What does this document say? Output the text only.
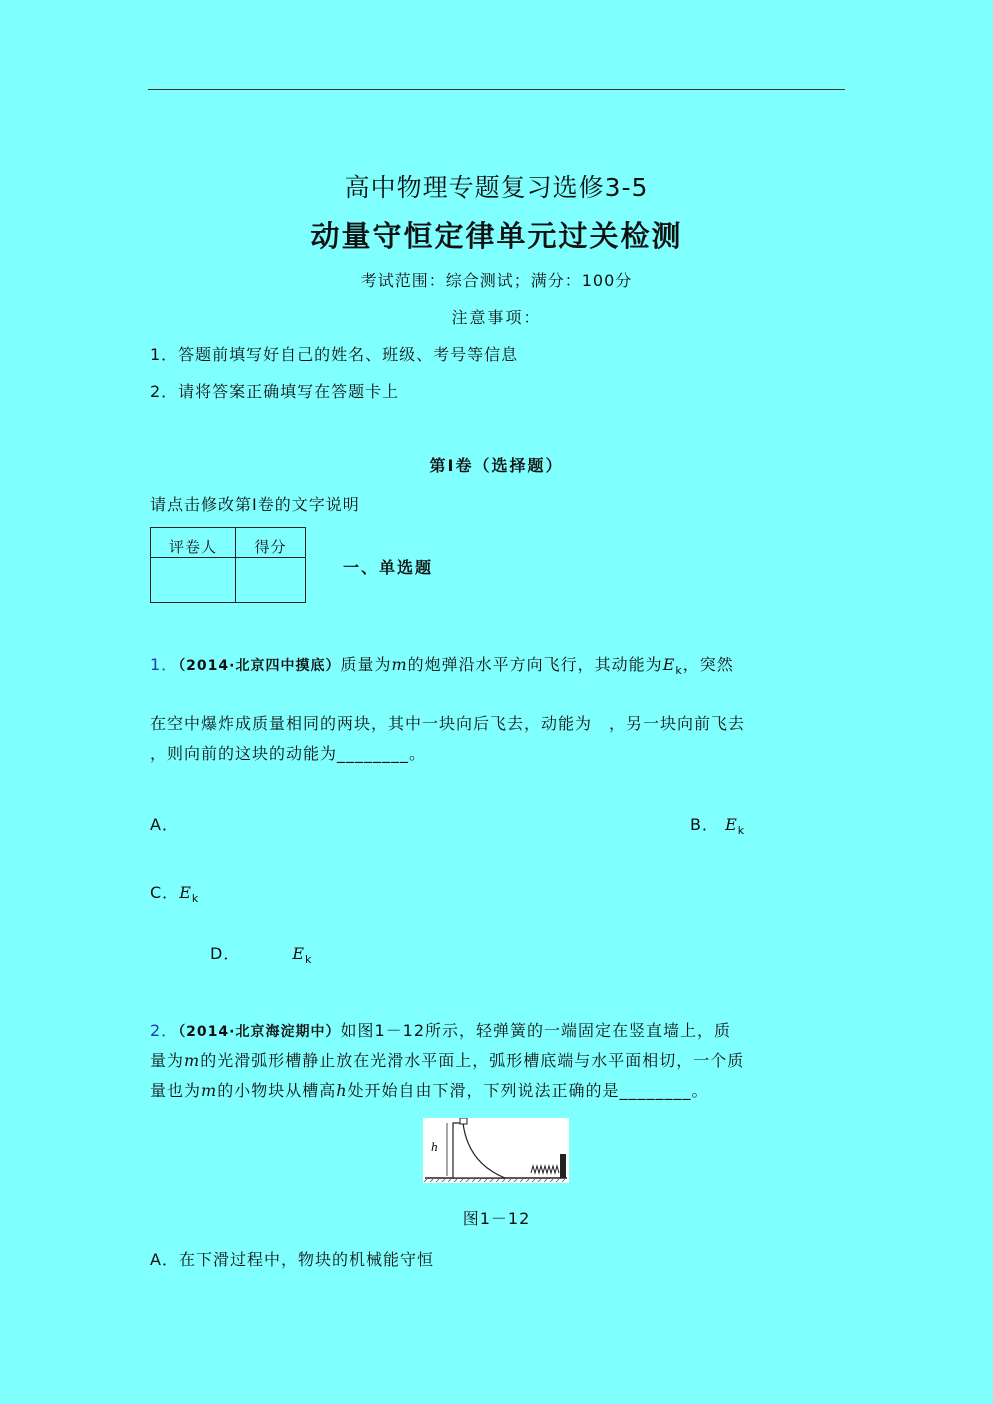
高中物理专题复习选修3-5
动量守恒定律单元过关检测
考试范围：综合测试；满分：100分
注意事项：
1．答题前填写好自己的姓名、班级、考号等信息
2．请将答案正确填写在答题卡上
第I卷（选择题）
请点击修改第I卷的文字说明
评卷人	得分

一、单选题
1．（2014·北京四中摸底）质量为m的炮弹沿水平方向飞行，其动能为$E_k$，突然
在空中爆炸成质量相同的两块，其中一块向后飞去，动能为　，另一块向前飞去
，则向前的这块的动能为________。
A．	B． $E_k$
C．$E_k$
D．	$E_k$
2．（2014·北京海淀期中）如图1－12所示，轻弹簧的一端固定在竖直墙上，质
量为m的光滑弧形槽静止放在光滑水平面上，弧形槽底端与水平面相切，一个质
量也为m的小物块从槽高h处开始自由下滑，下列说法正确的是________。
h
图1－12
A．在下滑过程中，物块的机械能守恒
